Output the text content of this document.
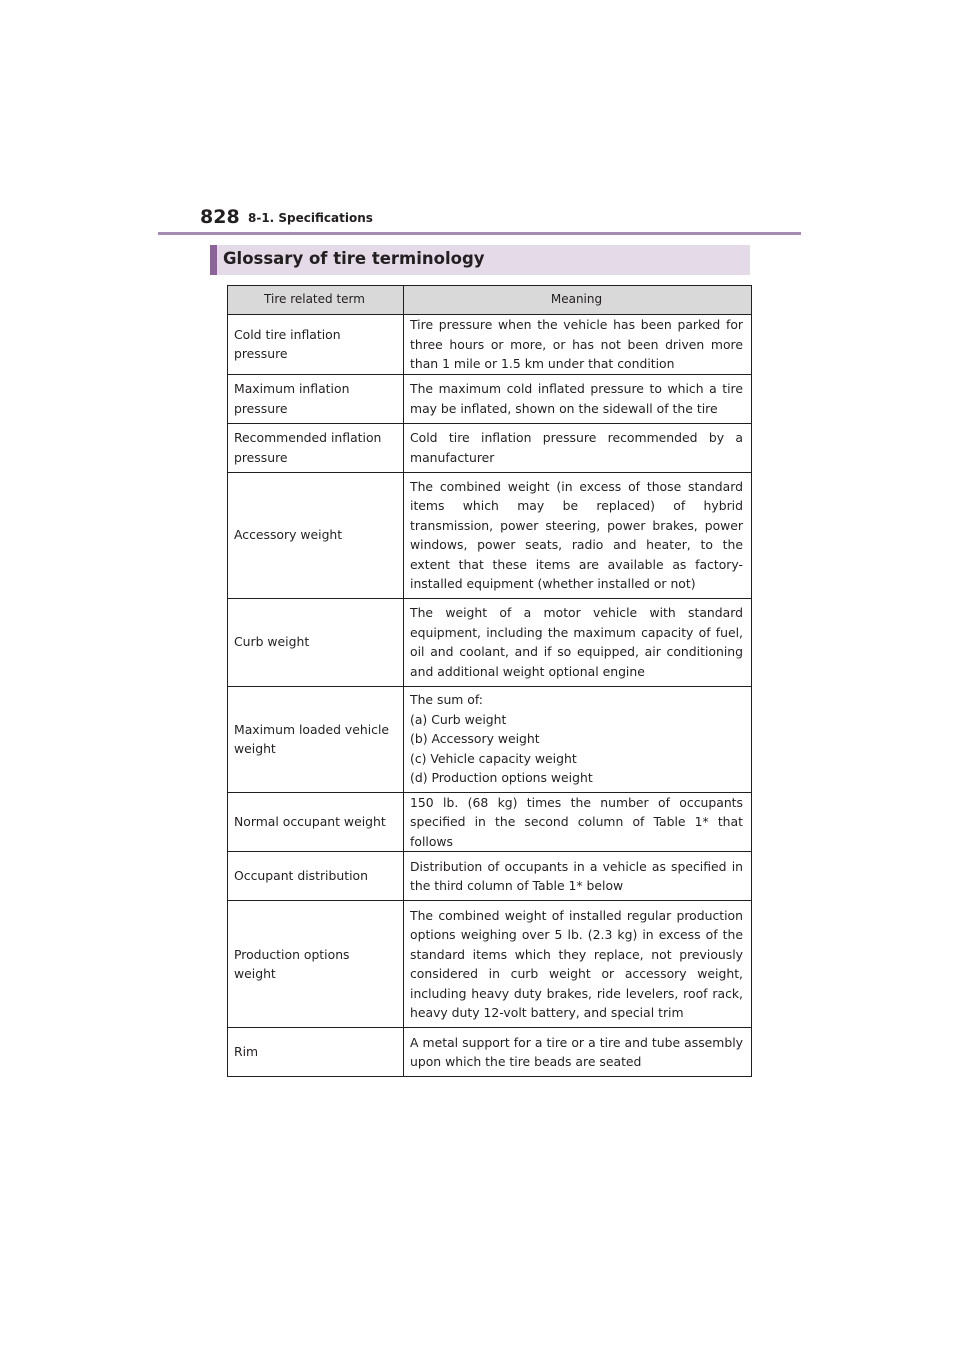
828 8-1. Specifications
Glossary of tire terminology
Tire related term	Meaning
Cold tire inflation pressure	Tire pressure when the vehicle has been parked for three hours or more, or has not been driven more than 1 mile or 1.5 km under that condition
Maximum inflation pressure	The maximum cold inflated pressure to which a tire may be inflated, shown on the sidewall of the tire
Recommended inflation pressure	Cold tire inflation pressure recommended by a manufacturer
Accessory weight	The combined weight (in excess of those standard items which may be replaced) of hybrid transmission, power steering, power brakes, power windows, power seats, radio and heater, to the extent that these items are available as factory-installed equipment (whether installed or not)
Curb weight	The weight of a motor vehicle with standard equipment, including the maximum capacity of fuel, oil and coolant, and if so equipped, air conditioning and additional weight optional engine
Maximum loaded vehicle weight	The sum of:
(a) Curb weight
(b) Accessory weight
(c) Vehicle capacity weight
(d) Production options weight

Normal occupant weight	150 lb. (68 kg) times the number of occupants specified in the second column of Table 1* that follows
Occupant distribution	Distribution of occupants in a vehicle as specified in the third column of Table 1* below
Production options weight	The combined weight of installed regular production options weighing over 5 lb. (2.3 kg) in excess of the standard items which they replace, not previously considered in curb weight or accessory weight, including heavy duty brakes, ride levelers, roof rack, heavy duty 12-volt battery, and special trim
Rim	A metal support for a tire or a tire and tube assembly upon which the tire beads are seated
